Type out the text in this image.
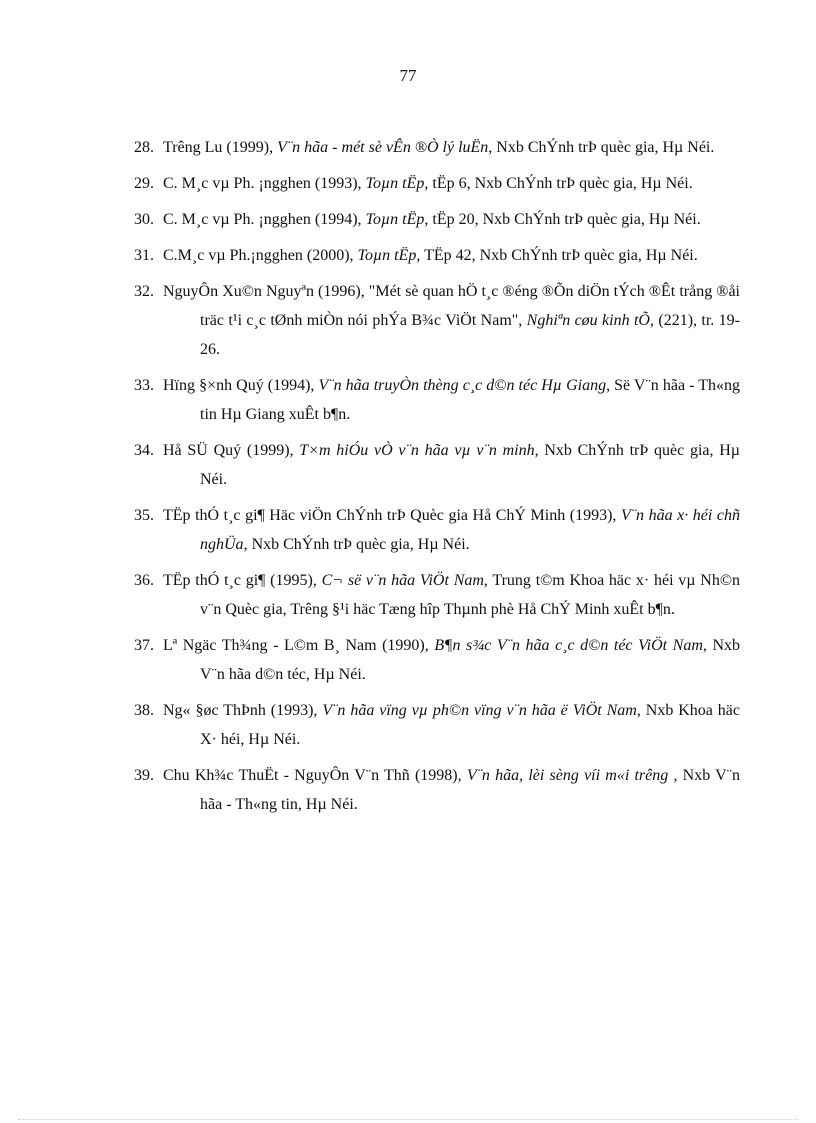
77
28. Trêng Lu (1999), V¨n hãa - mét sè vÊn ®Ò lý luËn, Nxb ChÝnh trÞ quèc gia, Hµ Néi.
29. C. M¸c vµ Ph. ¡ngghen (1993), Toµn tËp, tËp 6, Nxb ChÝnh trÞ quèc gia, Hµ Néi.
30. C. M¸c vµ Ph. ¡ngghen (1994), Toµn tËp, tËp 20, Nxb ChÝnh trÞ quèc gia, Hµ Néi.
31. C.M¸c vµ Ph.¡ngghen (2000), Toµn tËp, TËp 42, Nxb ChÝnh trÞ quèc gia, Hµ Néi.
32. NguyÔn Xu©n Nguyªn (1996), "Mét sè quan hÖ t¸c ®éng ®Õn diÖn tÝch ®Êt trång ®åi träc t¹i c¸c tØnh miÒn nói phÝa B¾c ViÖt Nam", Nghiªn cøu kinh tÕ, (221), tr. 19-26.
33. Hïng §×nh Quý (1994), V¨n hãa truyÒn thèng c¸c d©n téc Hµ Giang, Së V¨n hãa - Th«ng tin Hµ Giang xuÊt b¶n.
34. Hå SÜ Quý (1999), T×m hiÓu vÒ v¨n hãa vµ v¨n minh, Nxb ChÝnh trÞ quèc gia, Hµ Néi.
35. TËp thÓ t¸c gi¶ Häc viÖn ChÝnh trÞ Quèc gia Hå ChÝ Minh (1993), V¨n hãa x· héi chñ nghÜa, Nxb ChÝnh trÞ quèc gia, Hµ Néi.
36. TËp thÓ t¸c gi¶ (1995), C¬ së v¨n hãa ViÖt Nam, Trung t©m Khoa häc x· héi vµ Nh©n v¨n Quèc gia, Trêng §¹i häc Tæng hîp Thµnh phè Hå ChÝ Minh xuÊt b¶n.
37. Lª Ngäc Th¾ng - L©m B¸ Nam (1990), B¶n s¾c V¨n hãa c¸c d©n téc ViÖt Nam, Nxb V¨n hãa d©n téc, Hµ Néi.
38. Ng« §øc ThÞnh (1993), V¨n hãa vïng vµ ph©n vïng v¨n hãa ë ViÖt Nam, Nxb Khoa häc X· héi, Hµ Néi.
39. Chu Kh¾c ThuËt - NguyÔn V¨n Thñ (1998), V¨n hãa, lèi sèng víi m«i trêng , Nxb V¨n hãa - Th«ng tin, Hµ Néi.
